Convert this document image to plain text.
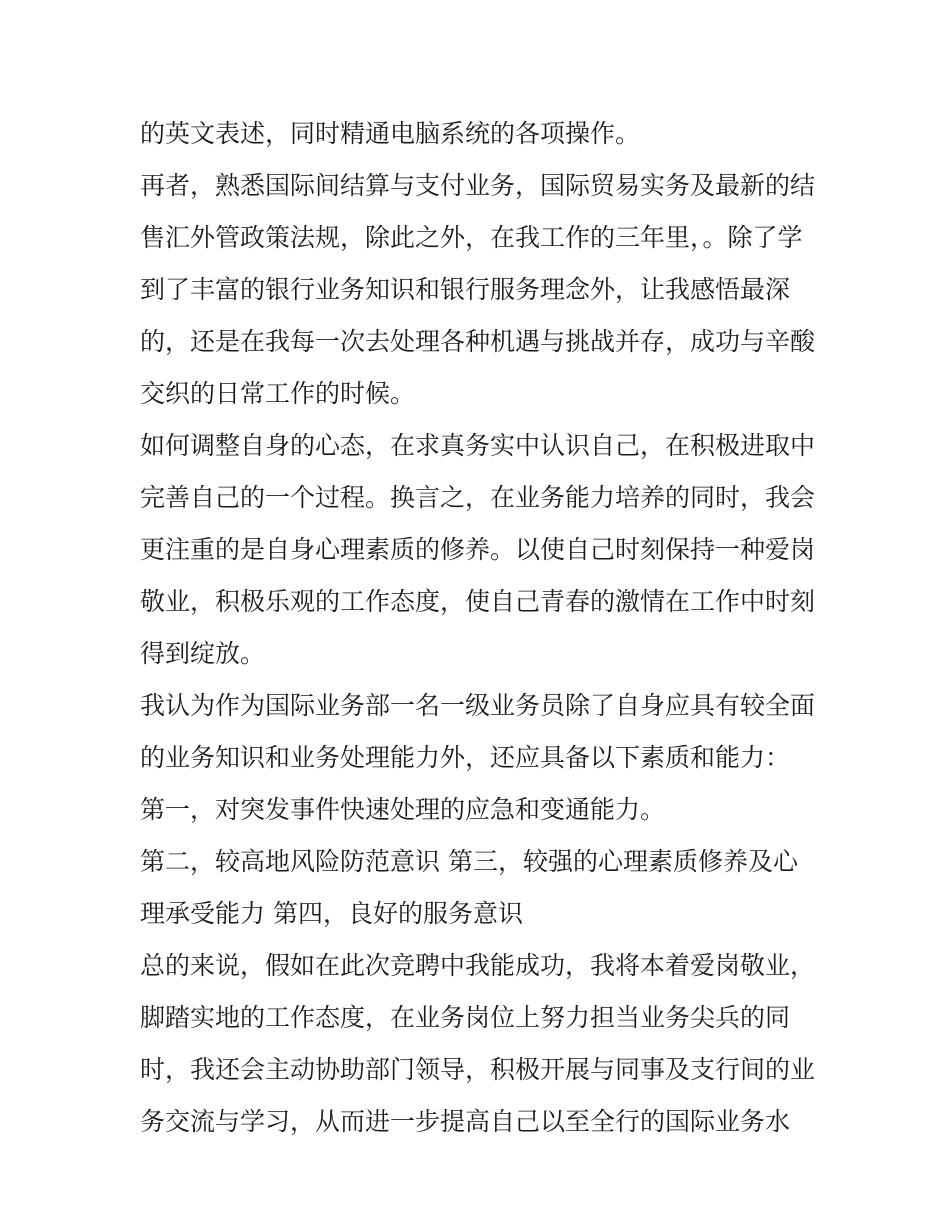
的英文表述，同时精通电脑系统的各项操作。
再者，熟悉国际间结算与支付业务，国际贸易实务及最新的结
售汇外管政策法规，除此之外，在我工作的三年里，。除了学
到了丰富的银行业务知识和银行服务理念外，让我感悟最深
的，还是在我每一次去处理各种机遇与挑战并存，成功与辛酸
交织的日常工作的时候。
如何调整自身的心态，在求真务实中认识自己，在积极进取中
完善自己的一个过程。换言之，在业务能力培养的同时，我会
更注重的是自身心理素质的修养。以使自己时刻保持一种爱岗
敬业，积极乐观的工作态度，使自己青春的激情在工作中时刻
得到绽放。
我认为作为国际业务部一名一级业务员除了自身应具有较全面
的业务知识和业务处理能力外，还应具备以下素质和能力：
第一，对突发事件快速处理的应急和变通能力。
第二，较高地风险防范意识 第三，较强的心理素质修养及心
理承受能力 第四，良好的服务意识
总的来说，假如在此次竞聘中我能成功，我将本着爱岗敬业，
脚踏实地的工作态度，在业务岗位上努力担当业务尖兵的同
时，我还会主动协助部门领导，积极开展与同事及支行间的业
务交流与学习，从而进一步提高自己以至全行的国际业务水
